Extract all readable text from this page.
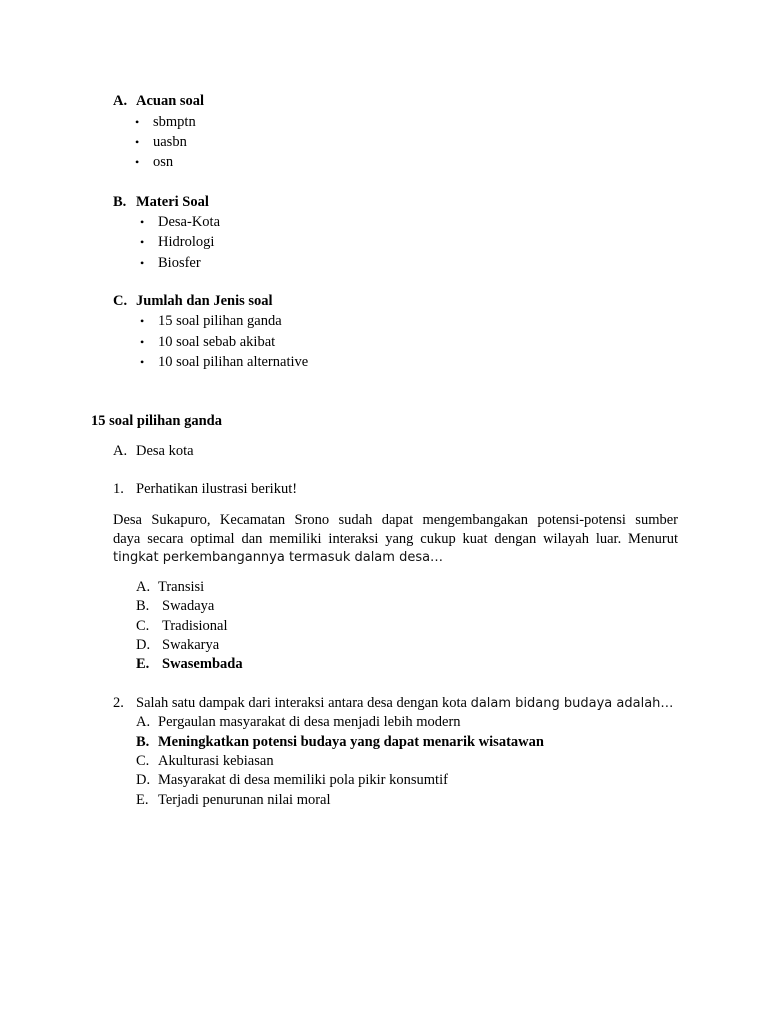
A. Acuan soal
• sbmptn
• uasbn
• osn
B. Materi Soal
• Desa-Kota
• Hidrologi
• Biosfer
C. Jumlah dan Jenis soal
• 15 soal pilihan ganda
• 10 soal sebab akibat
• 10 soal pilihan alternative
15 soal pilihan ganda
A. Desa kota
1. Perhatikan ilustrasi berikut!
Desa Sukapuro, Kecamatan Srono sudah dapat mengembangakan potensi-potensi sumber
daya secara optimal dan memiliki interaksi yang cukup kuat dengan wilayah luar. Menurut
tingkat perkembangannya termasuk dalam desa…
A. Transisi
B. Swadaya
C. Tradisional
D. Swakarya
E. Swasembada
2. Salah satu dampak dari interaksi antara desa dengan kota dalam bidang budaya adalah…
A. Pergaulan masyarakat di desa menjadi lebih modern
B. Meningkatkan potensi budaya yang dapat menarik wisatawan
C. Akulturasi kebiasan
D. Masyarakat di desa memiliki pola pikir konsumtif
E. Terjadi penurunan nilai moral
